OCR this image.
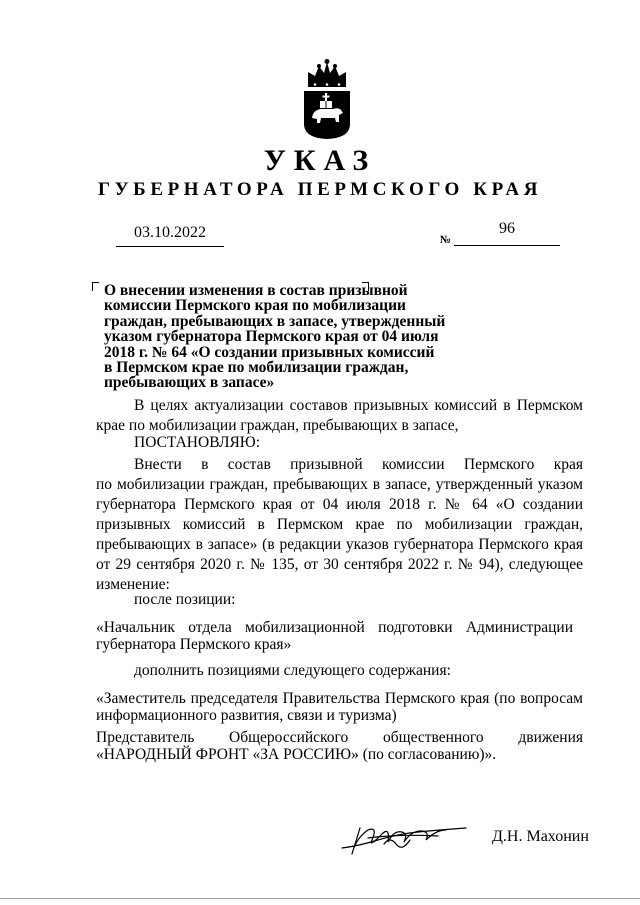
УКАЗ
ГУБЕРНАТОРА ПЕРМСКОГО КРАЯ
03.10.2022	№
96
О внесении изменения в состав призывной
комиссии Пермского края по мобилизации
граждан, пребывающих в запасе, утвержденный
указом губернатора Пермского края от 04 июля
2018 г. № 64 «О создании призывных комиссий
в Пермском крае по мобилизации граждан,
пребывающих в запасе»
В целях актуализации составов призывных комиссий в Пермском
крае по мобилизации граждан, пребывающих в запасе,
ПОСТАНОВЛЯЮ:
Внести в состав призывной комиссии Пермского края
по мобилизации граждан, пребывающих в запасе, утвержденный указом
губернатора Пермского края от 04 июля 2018 г. № 64 «О создании
призывных комиссий в Пермском крае по мобилизации граждан,
пребывающих в запасе» (в редакции указов губернатора Пермского края
от 29 сентября 2020 г. № 135, от 30 сентября 2022 г. № 94), следующее
изменение:
после позиции:
«Начальник отдела мобилизационной подготовки Администрации
губернатора Пермского края»
дополнить позициями следующего содержания:
«Заместитель председателя Правительства Пермского края (по вопросам
информационного развития, связи и туризма)
Представитель Общероссийского общественного движения
«НАРОДНЫЙ ФРОНТ «ЗА РОССИЮ» (по согласованию)».
Д.Н. Махонин
